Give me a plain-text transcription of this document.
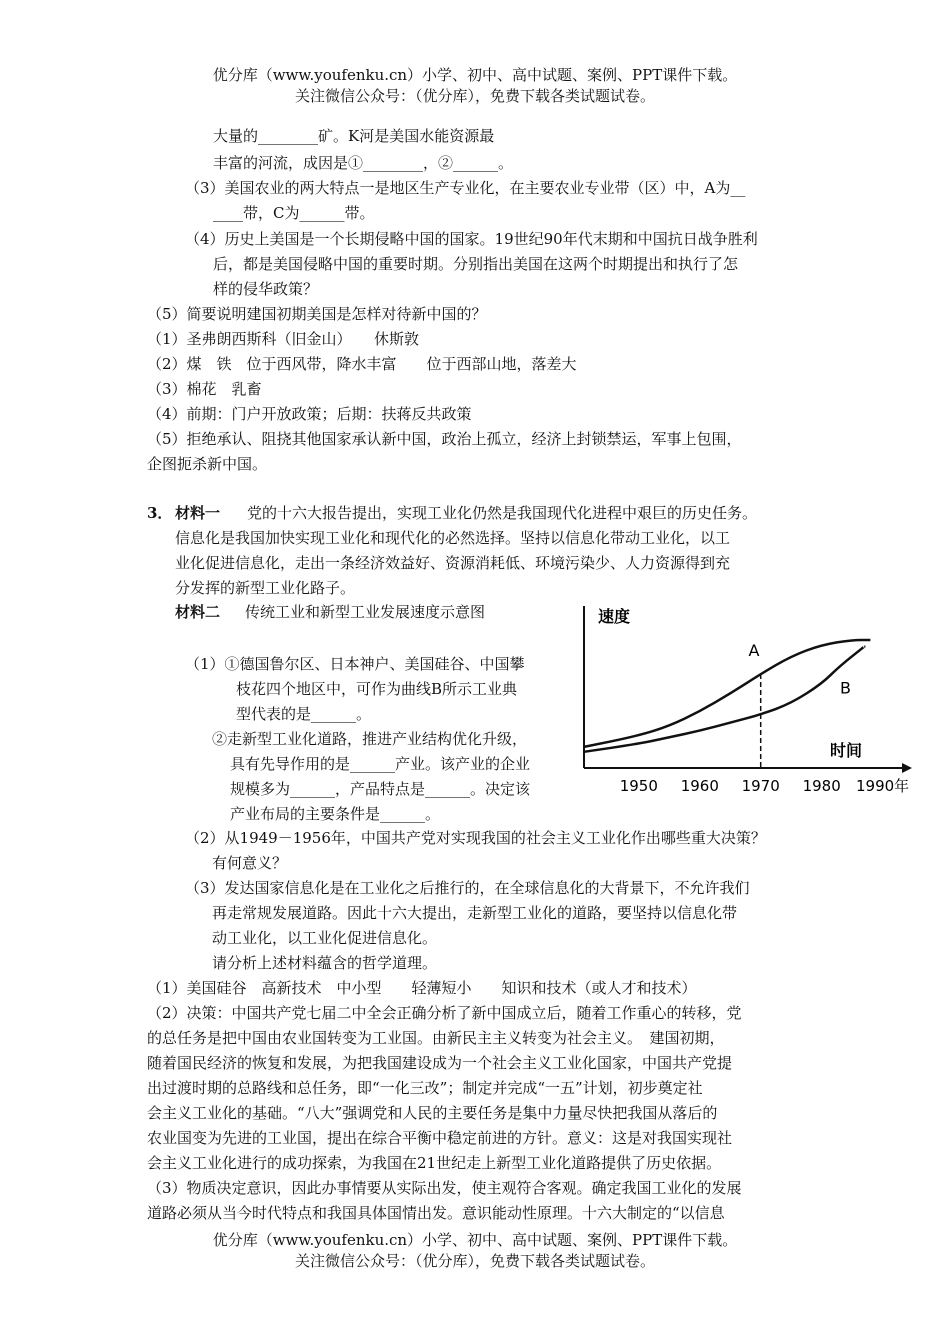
优分库（www.youfenku.cn）小学、初中、高中试题、案例、PPT课件下载。
关注微信公众号：（优分库），免费下载各类试题试卷。
大量的________矿。K河是美国水能资源最
丰富的河流，成因是①________，②______。
（3）美国农业的两大特点一是地区生产专业化，在主要农业专业带（区）中，A为__
____带，C为______带。
（4）历史上美国是一个长期侵略中国的国家。19世纪90年代末期和中国抗日战争胜利
后，都是美国侵略中国的重要时期。分别指出美国在这两个时期提出和执行了怎
样的侵华政策？
（5）简要说明建国初期美国是怎样对待新中国的？
（1）圣弗朗西斯科（旧金山）　　休斯敦
（2）煤　铁　位于西风带，降水丰富　　位于西部山地，落差大
（3）棉花　乳畜
（4）前期：门户开放政策；后期：扶蒋反共政策
（5）拒绝承认、阻挠其他国家承认新中国，政治上孤立，经济上封锁禁运，军事上包围，
企图扼杀新中国。
3． 材料一 　党的十六大报告提出，实现工业化仍然是我国现代化进程中艰巨的历史任务。
信息化是我国加快实现工业化和现代化的必然选择。坚持以信息化带动工业化，以工
业化促进信息化，走出一条经济效益好、资源消耗低、环境污染少、人力资源得到充
分发挥的新型工业化路子。
材料二 传统工业和新型工业发展速度示意图
（1）①德国鲁尔区、日本神户、美国硅谷、中国攀
枝花四个地区中，可作为曲线B所示工业典
型代表的是______。
②走新型工业化道路，推进产业结构优化升级，
具有先导作用的是______产业。该产业的企业
规模多为______，产品特点是______。决定该
产业布局的主要条件是______。
（2）从1949－1956年，中国共产党对实现我国的社会主义工业化作出哪些重大决策？
有何意义？
（3）发达国家信息化是在工业化之后推行的，在全球信息化的大背景下，不允许我们
再走常规发展道路。因此十六大提出，走新型工业化的道路，要坚持以信息化带
动工业化，以工业化促进信息化。
请分析上述材料蕴含的哲学道理。
（1）美国硅谷　高新技术　中小型　　轻薄短小　　知识和技术（或人才和技术）
（2）决策：中国共产党七届二中全会正确分析了新中国成立后，随着工作重心的转移，党
的总任务是把中国由农业国转变为工业国。由新民主主义转变为社会主义。　建国初期，
随着国民经济的恢复和发展，为把我国建设成为一个社会主义工业化国家，中国共产党提
出过渡时期的总路线和总任务，即“一化三改”；制定并完成“一五”计划，初步奠定社
会主义工业化的基础。“八大”强调党和人民的主要任务是集中力量尽快把我国从落后的
农业国变为先进的工业国，提出在综合平衡中稳定前进的方针。意义：这是对我国实现社
会主义工业化进行的成功探索，为我国在21世纪走上新型工业化道路提供了历史依据。
（3）物质决定意识，因此办事情要从实际出发，使主观符合客观。确定我国工业化的发展
道路必须从当今时代特点和我国具体国情出发。意识能动性原理。十六大制定的“以信息
速度
时间
A
B
1950 1960 1970 1980 1990年
优分库（www.youfenku.cn）小学、初中、高中试题、案例、PPT课件下载。
关注微信公众号：（优分库），免费下载各类试题试卷。
